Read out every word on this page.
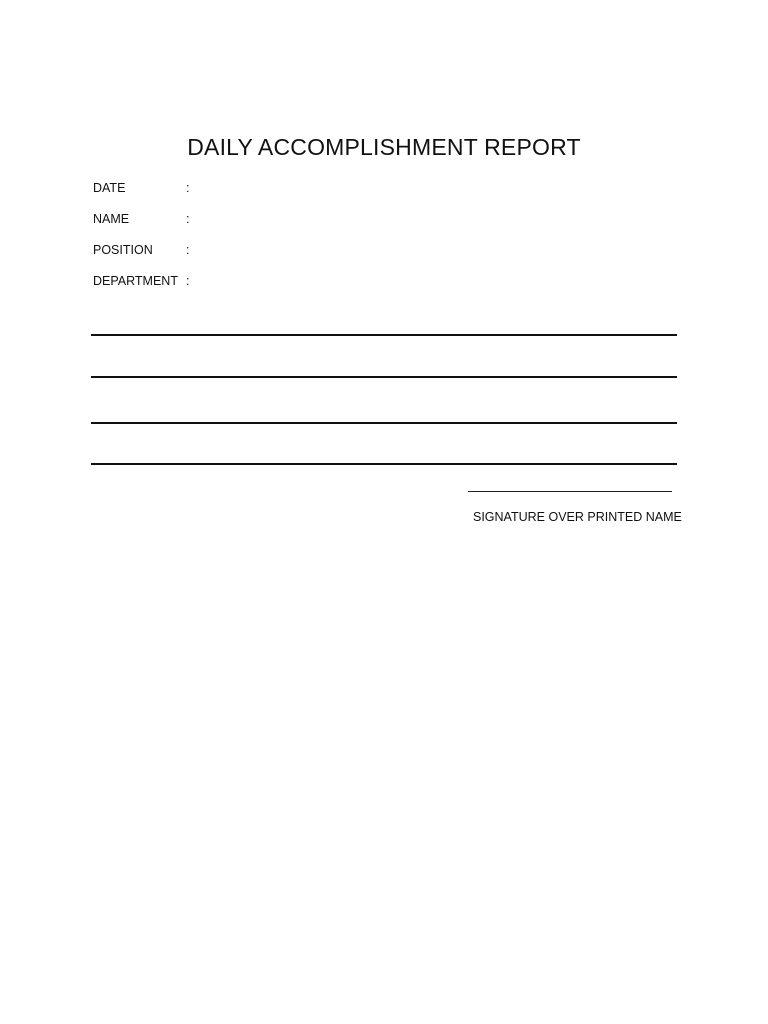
DAILY ACCOMPLISHMENT REPORT
DATE	:
NAME	:
POSITION	:
DEPARTMENT :
SIGNATURE OVER PRINTED NAME
